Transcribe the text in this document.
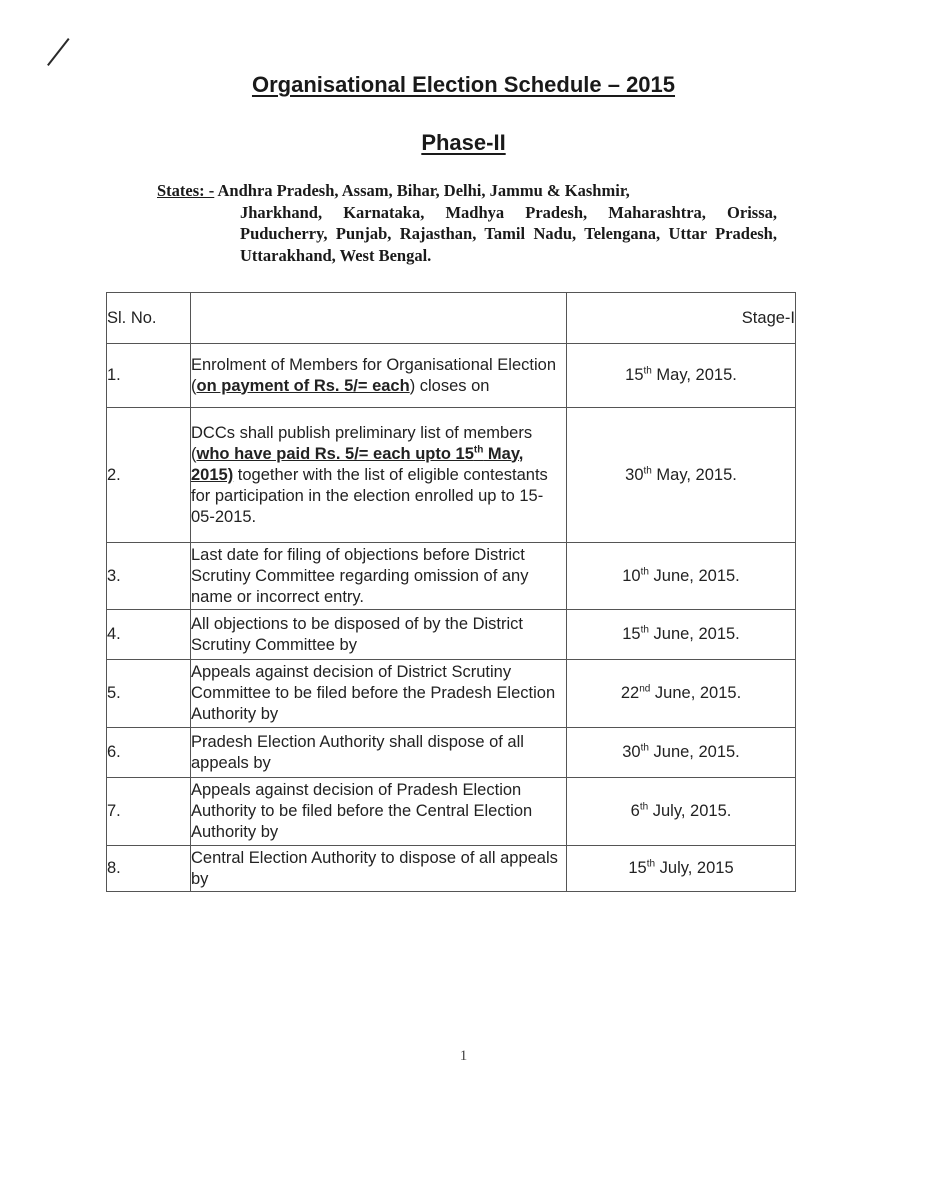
Organisational Election Schedule – 2015
Phase-II
States: - Andhra Pradesh, Assam, Bihar, Delhi, Jammu & Kashmir,
Jharkhand, Karnataka, Madhya Pradesh, Maharashtra, Orissa, Puducherry, Punjab, Rajasthan, Tamil Nadu, Telengana, Uttar Pradesh, Uttarakhand, West Bengal.
Sl. No.		Stage-I
1.	Enrolment of Members for Organisational Election (on payment of Rs. 5/= each) closes on	15th May, 2015.
2.	DCCs shall publish preliminary list of members (who have paid Rs. 5/= each upto 15th May, 2015) together with the list of eligible contestants for participation in the election enrolled up to 15-05-2015.	30th May, 2015.
3.	Last date for filing of objections before District Scrutiny Committee regarding omission of any name or incorrect entry.	10th June, 2015.
4.	All objections to be disposed of by the District Scrutiny Committee by	15th June, 2015.
5.	Appeals against decision of District Scrutiny Committee to be filed before the Pradesh Election Authority by	22nd June, 2015.
6.	Pradesh Election Authority shall dispose of all appeals by	30th June, 2015.
7.	Appeals against decision of Pradesh Election Authority to be filed before the Central Election Authority by	6th July, 2015.
8.	Central Election Authority to dispose of all appeals by	15th July, 2015
1
